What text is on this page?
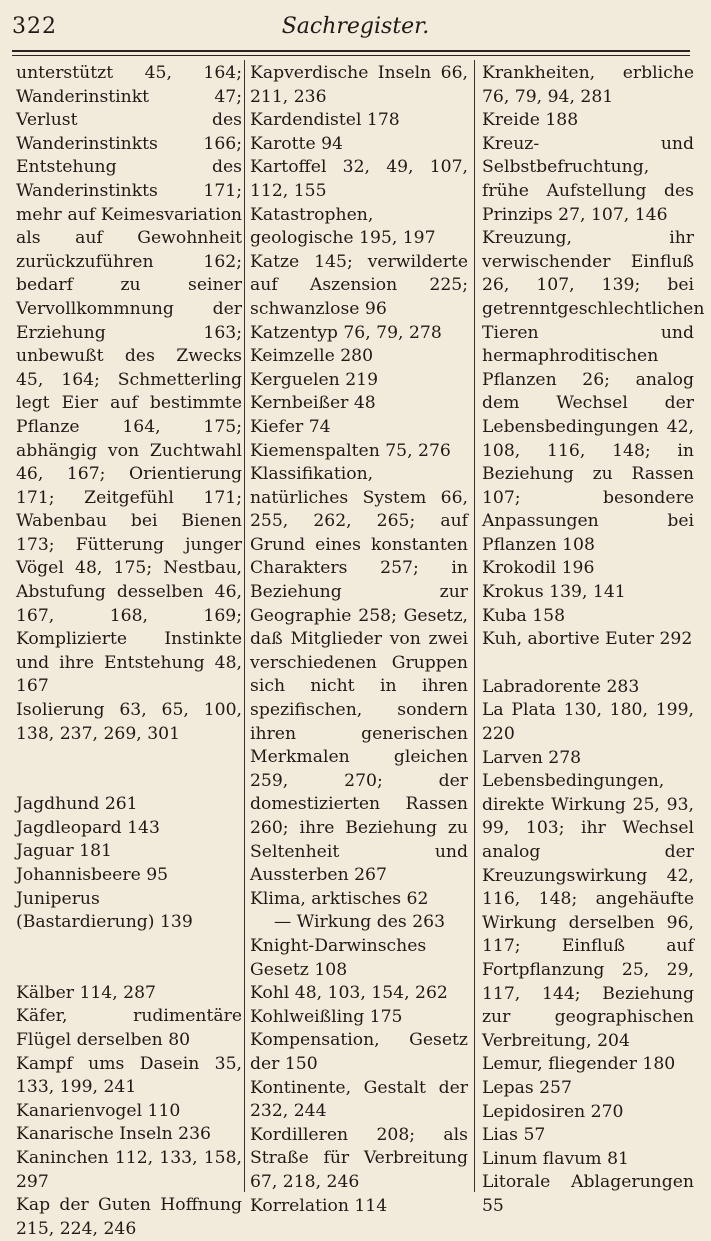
322	Sachregister.

unterstützt 45, 164; Wanderinstinkt 47; Verlust des Wanderinstinkts 166; Entstehung des Wanderinstinkts 171; mehr auf Keimesvariation als auf Gewohnheit zurückzuführen 162; bedarf zu seiner Vervollkommnung der Erziehung 163; unbewußt des Zwecks 45, 164; Schmetterling legt Eier auf bestimmte Pflanze 164, 175; abhängig von Zuchtwahl 46, 167; Orientierung 171; Zeitgefühl 171; Wabenbau bei Bienen 173; Fütterung junger Vögel 48, 175; Nestbau, Abstufung desselben 46, 167, 168, 169; Komplizierte Instinkte und ihre Entstehung 48, 167

Isolierung 63, 65, 100, 138, 237, 269, 301

Jagdhund 261

Jagdleopard 143

Jaguar 181

Johannisbeere 95

Juniperus (Bastardierung) 139

Kälber 114, 287

Käfer, rudimentäre Flügel derselben 80

Kampf ums Dasein 35, 133, 199, 241

Kanarienvogel 110

Kanarische Inseln 236

Kaninchen 112, 133, 158, 297

Kap der Guten Hoffnung 215, 224, 246

Kapverdische Inseln 66, 211, 236

Kardendistel 178

Karotte 94

Kartoffel 32, 49, 107, 112, 155

Katastrophen, geologische 195, 197

Katze 145; verwilderte auf Aszension 225; schwanzlose 96

Katzentyp 76, 79, 278

Keimzelle 280

Kerguelen 219

Kernbeißer 48

Kiefer 74

Kiemenspalten 75, 276

Klassifikation, natürliches System 66, 255, 262, 265; auf Grund eines konstanten Charakters 257; in Beziehung zur Geographie 258; Gesetz, daß Mitglieder von zwei verschiedenen Gruppen sich nicht in ihren spezifischen, sondern ihren generischen Merkmalen gleichen 259, 270; der domestizierten Rassen 260; ihre Beziehung zu Seltenheit und Aussterben 267

Klima, arktisches 62

— Wirkung des 263

Knight-Darwinsches Gesetz 108

Kohl 48, 103, 154, 262

Kohlweißling 175

Kompensation, Gesetz der 150

Kontinente, Gestalt der 232, 244

Kordilleren 208; als Straße für Verbreitung 67, 218, 246

Korrelation 114

Krankheiten, erbliche 76, 79, 94, 281

Kreide 188

Kreuz- und Selbstbefruchtung, frühe Aufstellung des Prinzips 27, 107, 146

Kreuzung, ihr verwischender Einfluß 26, 107, 139; bei getrenntgeschlechtlichen Tieren und hermaphroditischen Pflanzen 26; analog dem Wechsel der Lebensbedingungen 42, 108, 116, 148; in Beziehung zu Rassen 107; besondere Anpassungen bei Pflanzen 108

Krokodil 196

Krokus 139, 141

Kuba 158

Kuh, abortive Euter 292

Labradorente 283

La Plata 130, 180, 199, 220

Larven 278

Lebensbedingungen, direkte Wirkung 25, 93, 99, 103; ihr Wechsel analog der Kreuzungswirkung 42, 116, 148; angehäufte Wirkung derselben 96, 117; Einfluß auf Fortpflanzung 25, 29, 117, 144; Beziehung zur geographischen Verbreitung, 204

Lemur, fliegender 180

Lepas 257

Lepidosiren 270

Lias 57

Linum flavum 81

Litorale Ablagerungen 55
